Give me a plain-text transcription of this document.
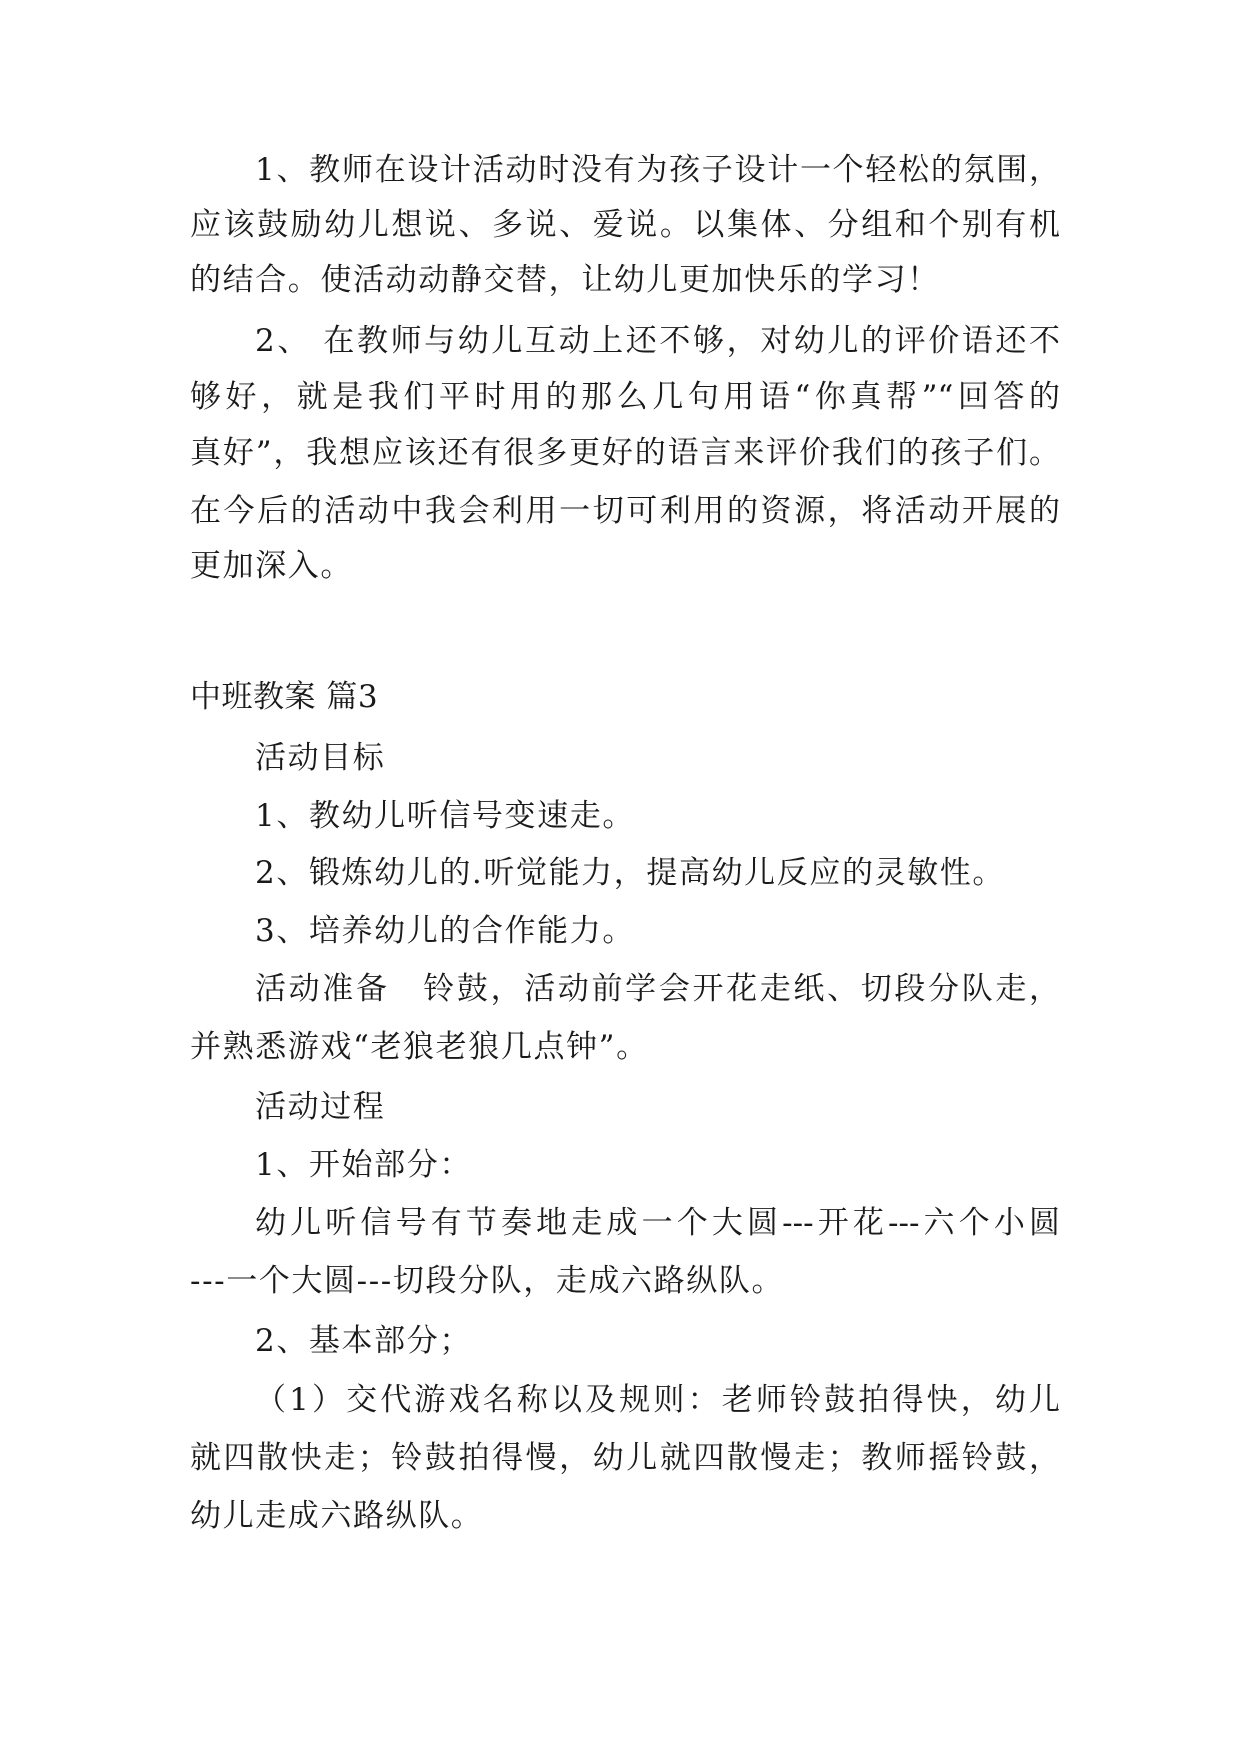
1、教师在设计活动时没有为孩子设计一个轻松的氛围，
应该鼓励幼儿想说、多说、爱说。以集体、分组和个别有机
的结合。使活动动静交替，让幼儿更加快乐的学习！
2、 在教师与幼儿互动上还不够，对幼儿的评价语还不
够好，就是我们平时用的那么几句用语“你真帮”“回答的
真好”，我想应该还有很多更好的语言来评价我们的孩子们。
在今后的活动中我会利用一切可利用的资源，将活动开展的
更加深入。
中班教案 篇3
活动目标
1、教幼儿听信号变速走。
2、锻炼幼儿的.听觉能力，提高幼儿反应的灵敏性。
3、培养幼儿的合作能力。
活动准备　铃鼓，活动前学会开花走纸、切段分队走，
并熟悉游戏“老狼老狼几点钟”。
活动过程
1、开始部分：
幼儿听信号有节奏地走成一个大圆---开花---六个小圆
---一个大圆---切段分队，走成六路纵队。
2、基本部分；
（1）交代游戏名称以及规则：老师铃鼓拍得快，幼儿
就四散快走；铃鼓拍得慢，幼儿就四散慢走；教师摇铃鼓，
幼儿走成六路纵队。
